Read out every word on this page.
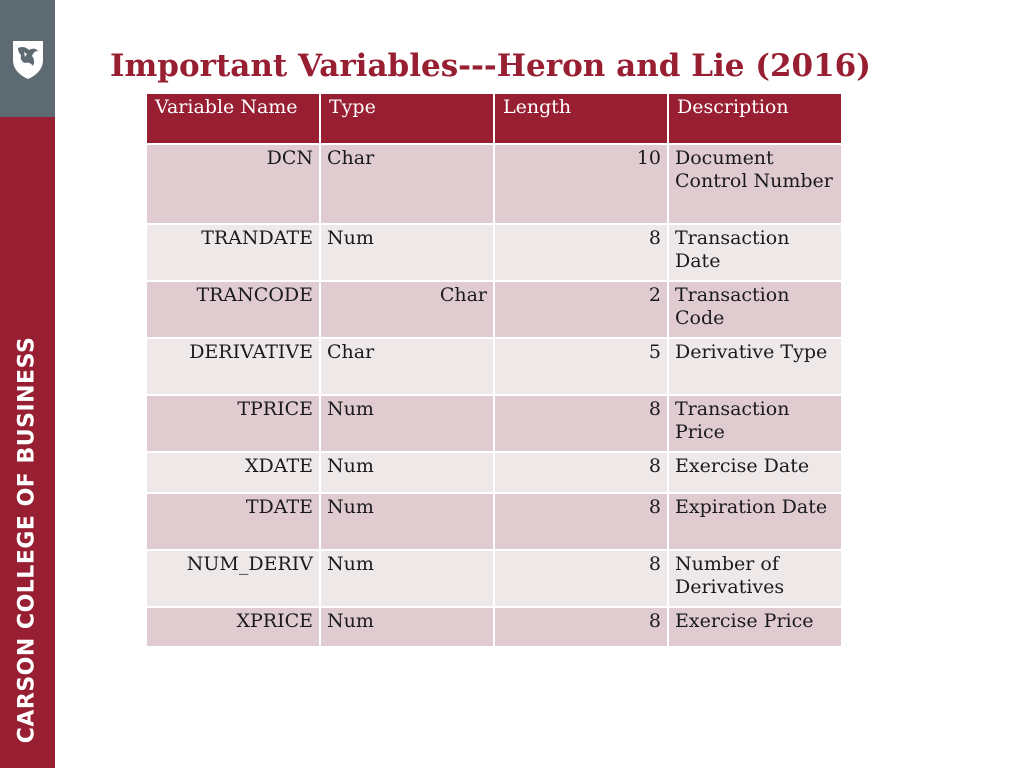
CARSON COLLEGE OF BUSINESS
Important Variables---Heron and Lie (2016)
Variable Name	Type	Length	Description
DCN	Char	10	Document Control Number
TRANDATE	Num	8	Transaction Date
TRANCODE	Char	2	Transaction Code
DERIVATIVE	Char	5	Derivative Type
TPRICE	Num	8	Transaction Price
XDATE	Num	8	Exercise Date
TDATE	Num	8	Expiration Date
NUM_DERIV	Num	8	Number of Derivatives
XPRICE	Num	8	Exercise Price
